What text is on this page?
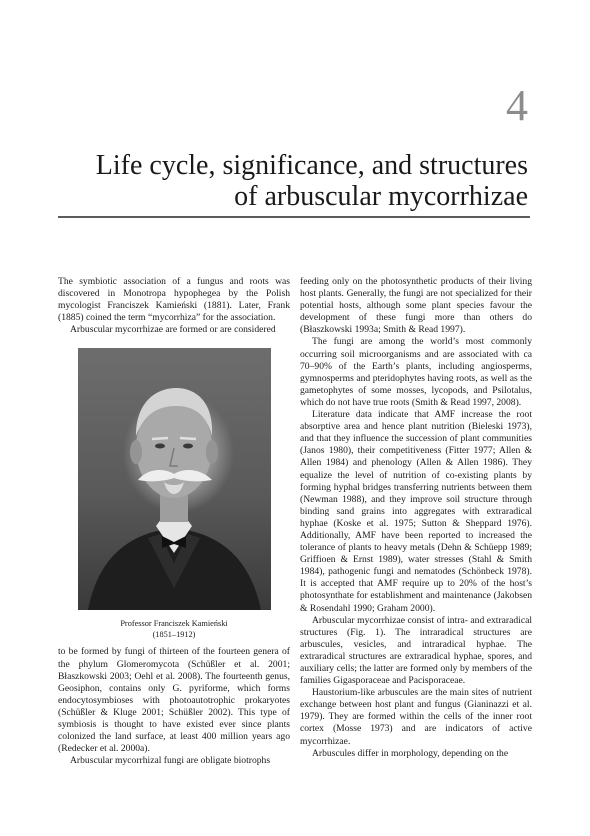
4
Life cycle, significance, and structures
of arbuscular mycorrhizae

The symbiotic association of a fungus and roots was discovered in Monotropa hypophegea by the Polish mycologist Franciszek Kamieński (1881). Later, Frank (1885) coined the term “mycorrhiza” for the association.

Arbuscular mycorrhizae are formed or are considered

Professor Franciszek Kamieński
(1851–1912)

to be formed by fungi of thirteen of the fourteen genera of the phylum Glomeromycota (Schüßler et al. 2001; Błaszkowski 2003; Oehl et al. 2008). The fourteenth genus, Geosiphon, contains only G. pyriforme, which forms endocytosymbioses with photoautotrophic prokaryotes (Schüßler & Kluge 2001; Schüßler 2002). This type of symbiosis is thought to have existed ever since plants colonized the land surface, at least 400 million years ago (Redecker et al. 2000a).

Arbuscular mycorrhizal fungi are obligate biotrophs

feeding only on the photosynthetic products of their living host plants. Generally, the fungi are not specialized for their potential hosts, although some plant species favour the development of these fungi more than others do (Błaszkowski 1993a; Smith & Read 1997).

The fungi are among the world’s most commonly occurring soil microorganisms and are associated with ca 70–90% of the Earth’s plants, including angiosperms, gymnosperms and pteridophytes having roots, as well as the gametophytes of some mosses, lycopods, and Psilotalus, which do not have true roots (Smith & Read 1997, 2008).

Literature data indicate that AMF increase the root absorptive area and hence plant nutrition (Bieleski 1973), and that they influence the succession of plant communities (Janos 1980), their competitiveness (Fitter 1977; Allen & Allen 1984) and phenology (Allen & Allen 1986). They equalize the level of nutrition of co-existing plants by forming hyphal bridges transferring nutrients between them (Newman 1988), and they improve soil structure through binding sand grains into aggregates with extraradical hyphae (Koske et al. 1975; Sutton & Sheppard 1976). Additionally, AMF have been reported to increased the tolerance of plants to heavy metals (Dehn & Schüepp 1989; Griffioen & Ernst 1989), water stresses (Stahl & Smith 1984), pathogenic fungi and nematodes (Schönbeck 1978). It is accepted that AMF require up to 20% of the host’s photosynthate for establishment and maintenance (Jakobsen & Rosendahl 1990; Graham 2000).

Arbuscular mycorrhizae consist of intra- and extraradical structures (Fig. 1). The intraradical structures are arbuscules, vesicles, and intraradical hyphae. The extraradical structures are extraradical hyphae, spores, and auxiliary cells; the latter are formed only by members of the families Gigasporaceae and Pacisporaceae.

Haustorium-like arbuscules are the main sites of nutrient exchange between host plant and fungus (Gianinazzi et al. 1979). They are formed within the cells of the inner root cortex (Mosse 1973) and are indicators of active mycorrhizae.

Arbuscules differ in morphology, depending on the
